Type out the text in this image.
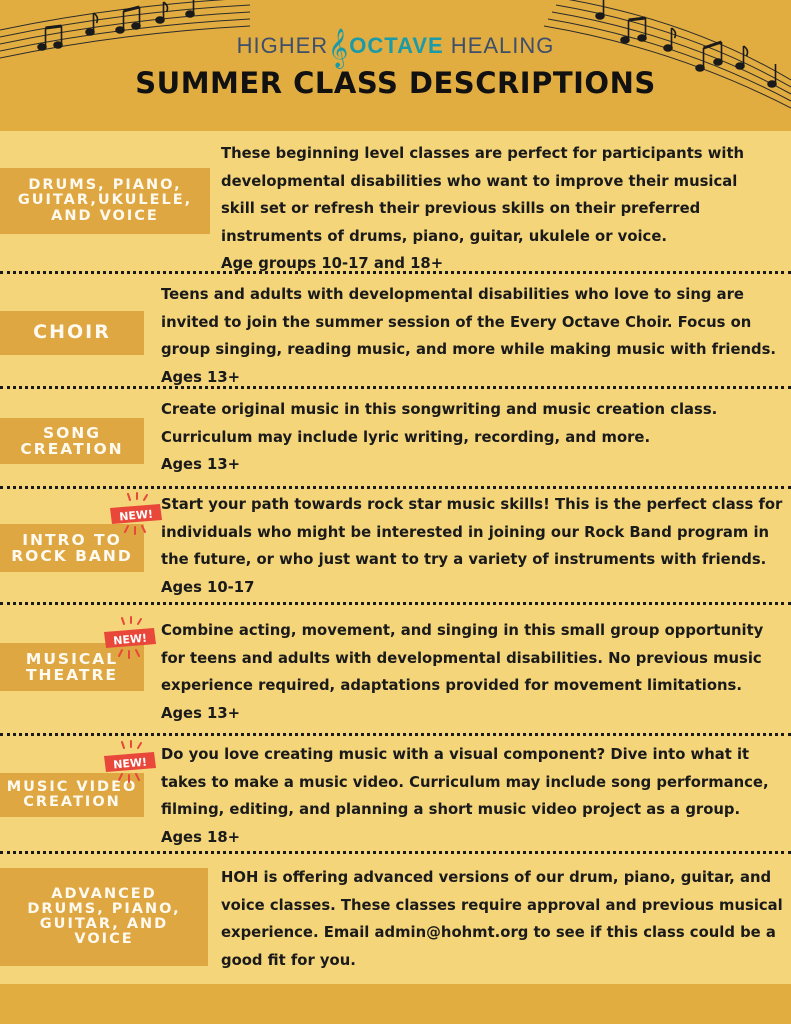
HIGHER𝄞OCTAVE HEALING
SUMMER CLASS DESCRIPTIONS
DRUMS, PIANO,
GUITAR,UKULELE,
AND VOICE

These beginning level classes are perfect for participants with

developmental disabilities who want to improve their musical

skill set or refresh their previous skills on their preferred

instruments of drums, piano, guitar, ukulele or voice.

Age groups 10-17 and 18+

CHOIR

Teens and adults with developmental disabilities who love to sing are

invited to join the summer session of the Every Octave Choir. Focus on

group singing, reading music, and more while making music with friends.

Ages 13+

SONG
CREATION

Create original music in this songwriting and music creation class.

Curriculum may include lyric writing, recording, and more.

Ages 13+

INTRO TO
ROCK BAND

Start your path towards rock star music skills! This is the perfect class for

individuals who might be interested in joining our Rock Band program in

the future, or who just want to try a variety of instruments with friends.

Ages 10-17

NEW!
MUSICAL
THEATRE

Combine acting, movement, and singing in this small group opportunity

for teens and adults with developmental disabilities. No previous music

experience required, adaptations provided for movement limitations.

Ages 13+

NEW!
MUSIC VIDEO
CREATION

Do you love creating music with a visual component? Dive into what it

takes to make a music video. Curriculum may include song performance,

filming, editing, and planning a short music video project as a group.

Ages 18+

NEW!
ADVANCED
DRUMS, PIANO,
GUITAR, AND
VOICE

HOH is offering advanced versions of our drum, piano, guitar, and

voice classes. These classes require approval and previous musical

experience. Email admin@hohmt.org to see if this class could be a

good fit for you.
